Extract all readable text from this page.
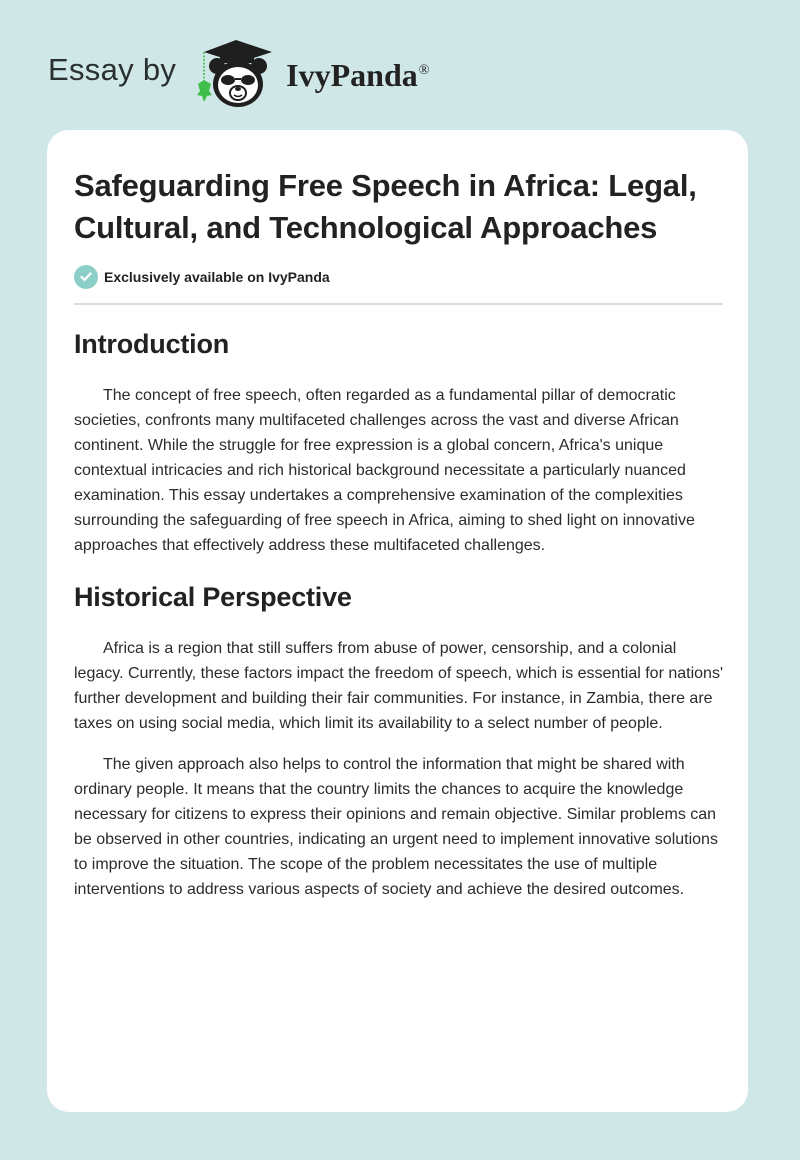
Essay by	IvyPanda®
Safeguarding Free Speech in Africa: Legal, Cultural, and Technological Approaches
Exclusively available on IvyPanda
Introduction

The concept of free speech, often regarded as a fundamental pillar of democratic societies, confronts many multifaceted challenges across the vast and diverse African continent. While the struggle for free expression is a global concern, Africa's unique contextual intricacies and rich historical background necessitate a particularly nuanced examination. This essay undertakes a comprehensive examination of the complexities surrounding the safeguarding of free speech in Africa, aiming to shed light on innovative approaches that effectively address these multifaceted challenges.

Historical Perspective

Africa is a region that still suffers from abuse of power, censorship, and a colonial legacy. Currently, these factors impact the freedom of speech, which is essential for nations' further development and building their fair communities. For instance, in Zambia, there are taxes on using social media, which limit its availability to a select number of people.

The given approach also helps to control the information that might be shared with ordinary people. It means that the country limits the chances to acquire the knowledge necessary for citizens to express their opinions and remain objective. Similar problems can be observed in other countries, indicating an urgent need to implement innovative solutions to improve the situation. The scope of the problem necessitates the use of multiple interventions to address various aspects of society and achieve the desired outcomes.
